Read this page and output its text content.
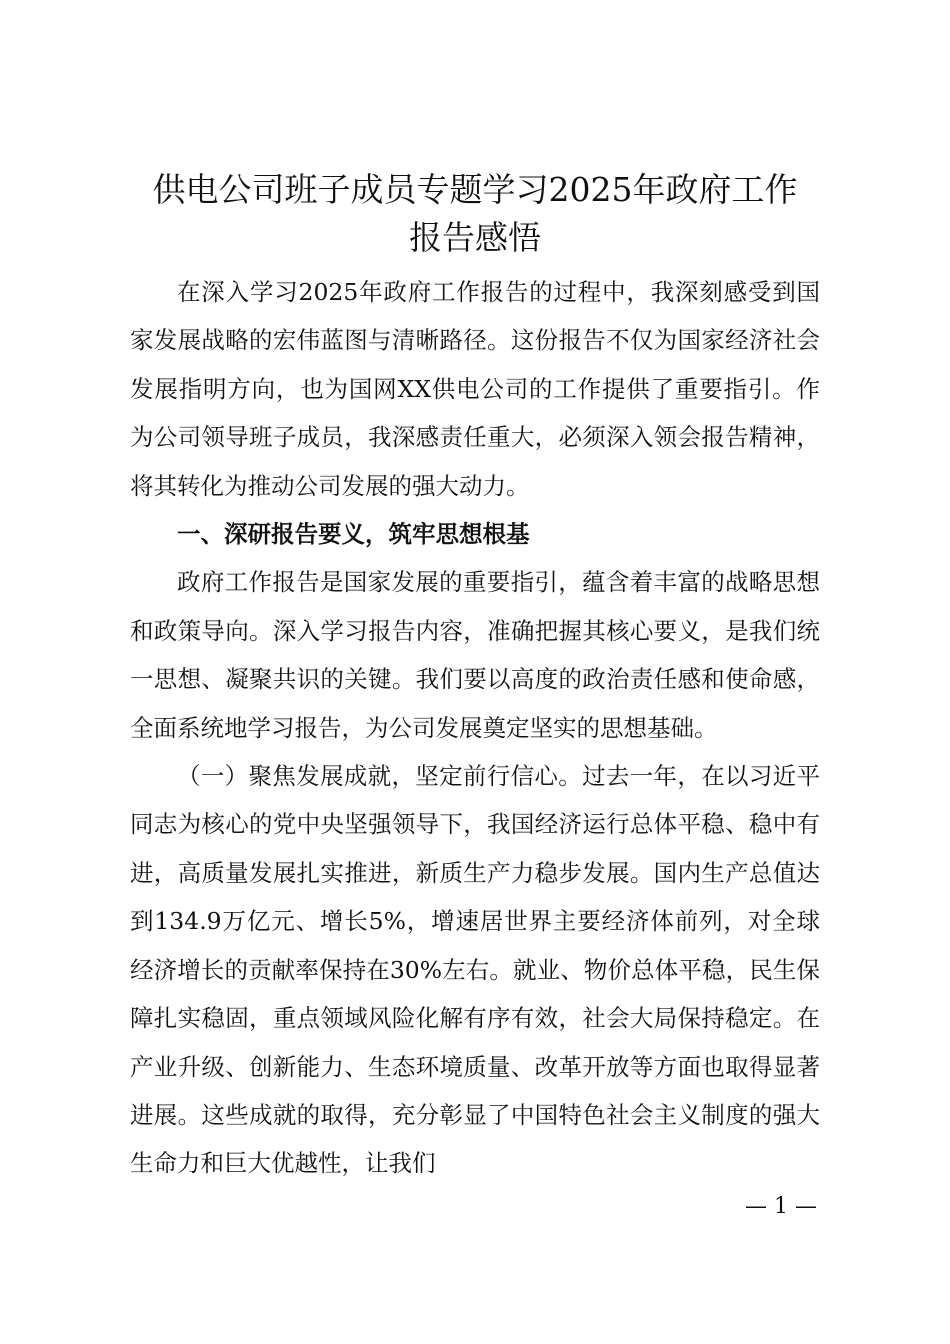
供电公司班子成员专题学习2025年政府工作
报告感悟

在深入学习2025年政府工作报告的过程中，我深刻感受到国家发展战略的宏伟蓝图与清晰路径。这份报告不仅为国家经济社会发展指明方向，也为国网XX供电公司的工作提供了重要指引。作为公司领导班子成员，我深感责任重大，必须深入领会报告精神，将其转化为推动公司发展的强大动力。

一、深研报告要义，筑牢思想根基

政府工作报告是国家发展的重要指引，蕴含着丰富的战略思想和政策导向。深入学习报告内容，准确把握其核心要义，是我们统一思想、凝聚共识的关键。我们要以高度的政治责任感和使命感，全面系统地学习报告，为公司发展奠定坚实的思想基础。

（一）聚焦发展成就，坚定前行信心。过去一年，在以习近平同志为核心的党中央坚强领导下，我国经济运行总体平稳、稳中有进，高质量发展扎实推进，新质生产力稳步发展。国内生产总值达到134.9万亿元、增长5%，增速居世界主要经济体前列，对全球经济增长的贡献率保持在30%左右。就业、物价总体平稳，民生保障扎实稳固，重点领域风险化解有序有效，社会大局保持稳定。在产业升级、创新能力、生态环境质量、改革开放等方面也取得显著进展。这些成就的取得，充分彰显了中国特色社会主义制度的强大生命力和巨大优越性，让我们

— 1 —
